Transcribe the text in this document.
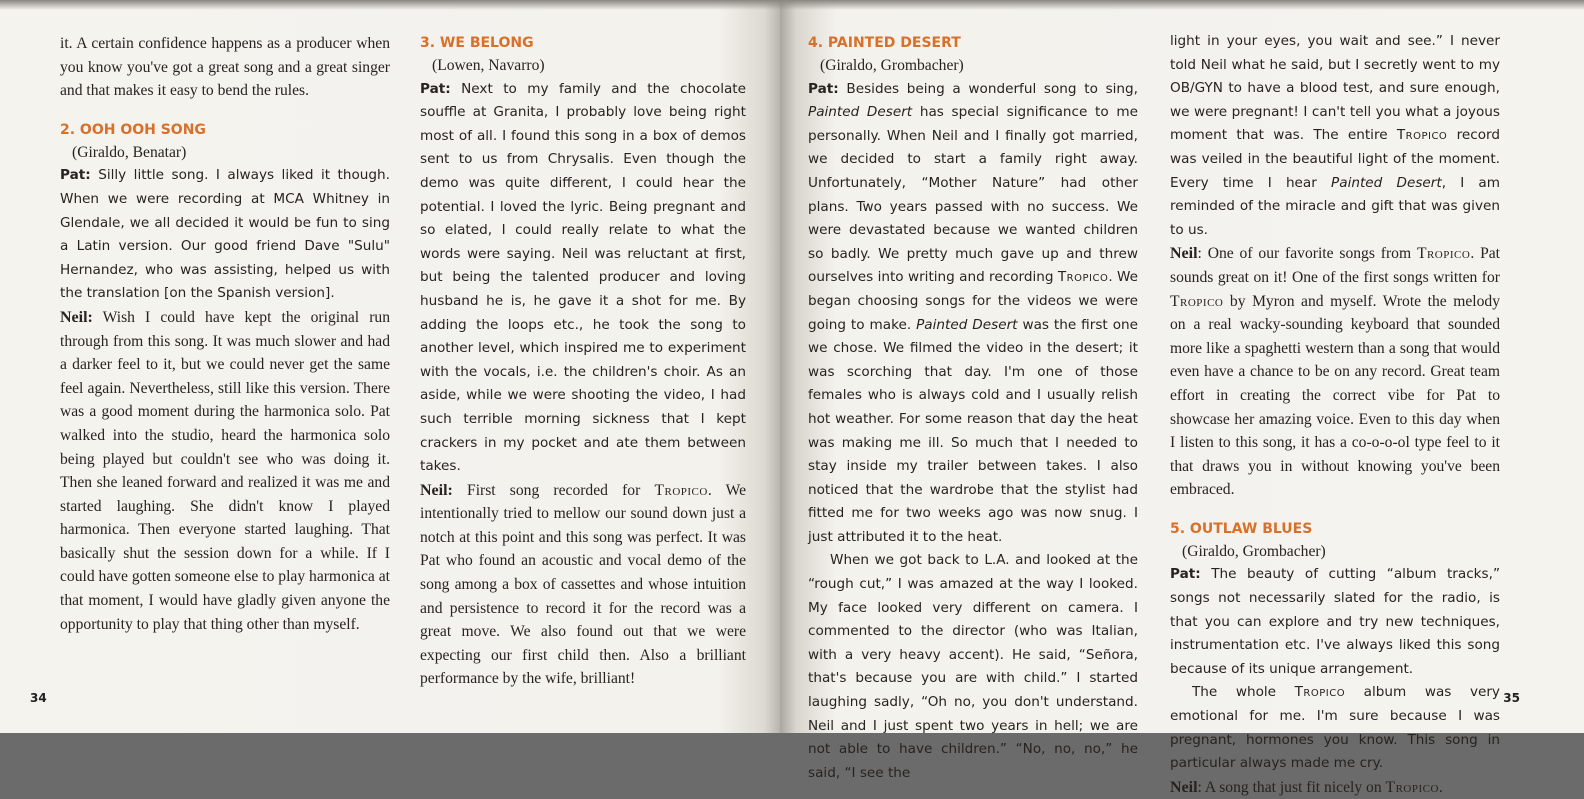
it. A certain confidence happens as a producer when you know you've got a great song and a great singer and that makes it easy to bend the rules.

2. OOH OOH SONG

(Giraldo, Benatar)

Pat: Silly little song. I always liked it though. When we were recording at MCA Whitney in Glendale, we all decided it would be fun to sing a Latin version. Our good friend Dave "Sulu" Hernandez, who was assisting, helped us with the translation [on the Spanish version].

Neil: Wish I could have kept the original run through from this song. It was much slower and had a darker feel to it, but we could never get the same feel again. Nevertheless, still like this version. There was a good moment during the harmonica solo. Pat walked into the studio, heard the harmonica solo being played but couldn't see who was doing it. Then she leaned forward and realized it was me and started laughing. She didn't know I played harmonica. Then everyone started laughing. That basically shut the session down for a while. If I could have gotten someone else to play harmonica at that moment, I would have gladly given anyone the opportunity to play that thing other than myself.

3. WE BELONG

(Lowen, Navarro)

Pat: Next to my family and the chocolate souffle at Granita, I probably love being right most of all. I found this song in a box of demos sent to us from Chrysalis. Even though the demo was quite different, I could hear the potential. I loved the lyric. Being pregnant and so elated, I could really relate to what the words were saying. Neil was reluctant at first, but being the talented producer and loving husband he is, he gave it a shot for me. By adding the loops etc., he took the song to another level, which inspired me to experiment with the vocals, i.e. the children's choir. As an aside, while we were shooting the video, I had such terrible morning sickness that I kept crackers in my pocket and ate them between takes.

Neil: First song recorded for Tropico. We intentionally tried to mellow our sound down just a notch at this point and this song was perfect. It was Pat who found an acoustic and vocal demo of the song among a box of cassettes and whose intuition and persistence to record it for the record was a great move. We also found out that we were expecting our first child then. Also a brilliant performance by the wife, brilliant!

34

4. PAINTED DESERT

(Giraldo, Grombacher)

Pat: Besides being a wonderful song to sing, Painted Desert has special significance to me personally. When Neil and I finally got married, we decided to start a family right away. Unfortunately, “Mother Nature” had other plans. Two years passed with no success. We were devastated because we wanted children so badly. We pretty much gave up and threw ourselves into writing and recording Tropico. We began choosing songs for the videos we were going to make. Painted Desert was the first one we chose. We filmed the video in the desert; it was scorching that day. I'm one of those females who is always cold and I usually relish hot weather. For some reason that day the heat was making me ill. So much that I needed to stay inside my trailer between takes. I also noticed that the wardrobe that the stylist had fitted me for two weeks ago was now snug. I just attributed it to the heat.

When we got back to L.A. and looked at the “rough cut,” I was amazed at the way I looked. My face looked very different on camera. I commented to the director (who was Italian, with a very heavy accent). He said, “Señora, that's because you are with child.” I started laughing sadly, “Oh no, you don't understand. Neil and I just spent two years in hell; we are not able to have children.” “No, no, no,” he said, “I see the

light in your eyes, you wait and see.” I never told Neil what he said, but I secretly went to my OB/GYN to have a blood test, and sure enough, we were pregnant! I can't tell you what a joyous moment that was. The entire Tropico record was veiled in the beautiful light of the moment. Every time I hear Painted Desert, I am reminded of the miracle and gift that was given to us.

Neil: One of our favorite songs from Tropico. Pat sounds great on it! One of the first songs written for Tropico by Myron and myself. Wrote the melody on a real wacky-sounding keyboard that sounded more like a spaghetti western than a song that would even have a chance to be on any record. Great team effort in creating the correct vibe for Pat to showcase her amazing voice. Even to this day when I listen to this song, it has a co-o-o-ol type feel to it that draws you in without knowing you've been embraced.

5. OUTLAW BLUES

(Giraldo, Grombacher)

Pat: The beauty of cutting “album tracks,” songs not necessarily slated for the radio, is that you can explore and try new techniques, instrumentation etc. I've always liked this song because of its unique arrangement.

The whole Tropico album was very emotional for me. I'm sure because I was pregnant, hormones you know. This song in particular always made me cry.

Neil: A song that just fit nicely on Tropico.

35
